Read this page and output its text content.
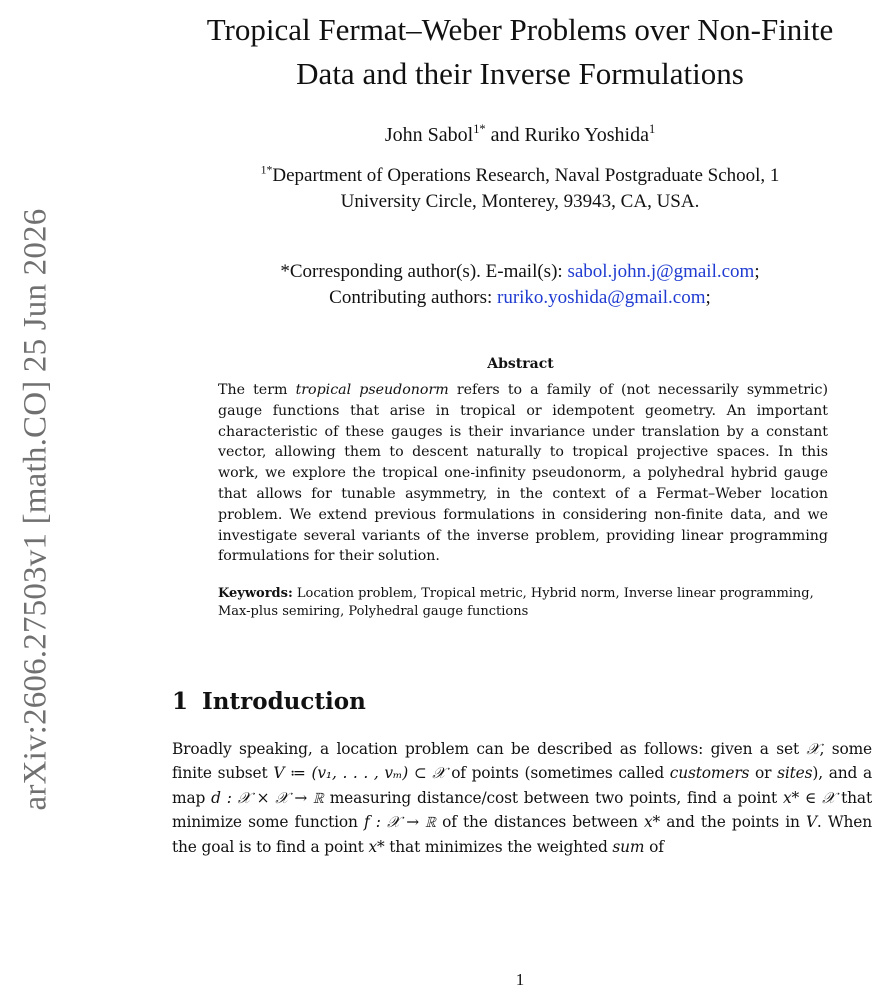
arXiv:2606.27503v1 [math.CO] 25 Jun 2026
Tropical Fermat–Weber Problems over Non-Finite
Data and their Inverse Formulations
John Sabol$^{1*}$ and Ruriko Yoshida$^1$
$^{1*}$Department of Operations Research, Naval Postgraduate School, 1
University Circle, Monterey, 93943, CA, USA.
*Corresponding author(s). E-mail(s): sabol.john.j@gmail.com;
Contributing authors: ruriko.yoshida@gmail.com;
Abstract
The term tropical pseudonorm refers to a family of (not necessarily symmetric) gauge functions that arise in tropical or idempotent geometry. An important characteristic of these gauges is their invariance under translation by a constant vector, allowing them to descent naturally to tropical projective spaces. In this work, we explore the tropical one-infinity pseudonorm, a polyhedral hybrid gauge that allows for tunable asymmetry, in the context of a Fermat–Weber location problem. We extend previous formulations in considering non-finite data, and we investigate several variants of the inverse problem, providing linear programming formulations for their solution.
Keywords: Location problem, Tropical metric, Hybrid norm, Inverse linear programming, Max-plus semiring, Polyhedral gauge functions
1 Introduction
Broadly speaking, a location problem can be described as follows: given a set 𝒳, some finite subset V ≔ (v₁, . . . , vₘ) ⊂ 𝒳 of points (sometimes called customers or sites), and a map d : 𝒳 × 𝒳 → ℝ measuring distance/cost between two points, find a point x* ∈ 𝒳 that minimize some function f : 𝒳 → ℝ of the distances between x* and the points in V. When the goal is to find a point x* that minimizes the weighted sum of
1
